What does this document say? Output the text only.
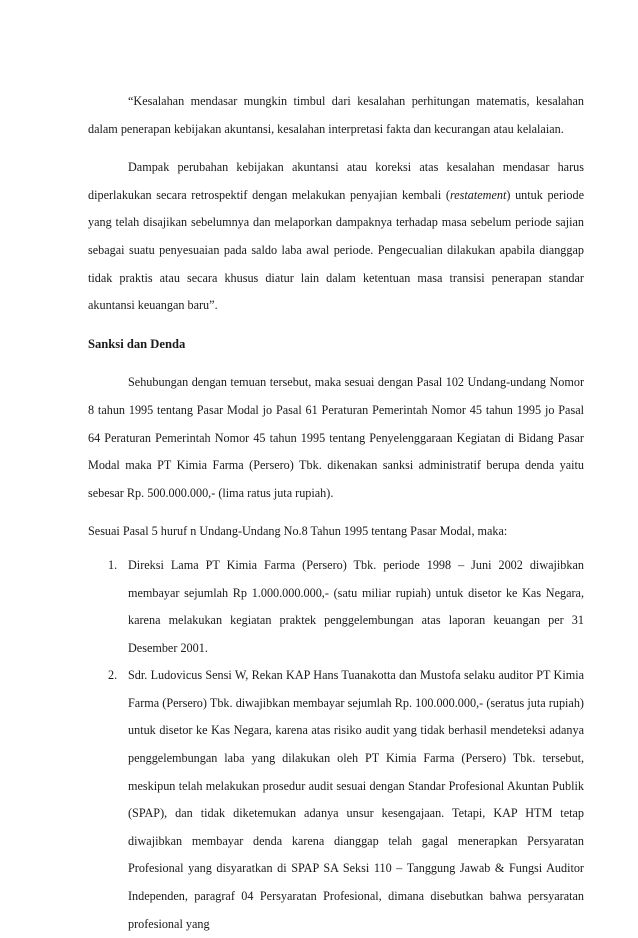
“Kesalahan mendasar mungkin timbul dari kesalahan perhitungan matematis, kesalahan dalam penerapan kebijakan akuntansi, kesalahan interpretasi fakta dan kecurangan atau kelalaian.

Dampak perubahan kebijakan akuntansi atau koreksi atas kesalahan mendasar harus diperlakukan secara retrospektif dengan melakukan penyajian kembali (restatement) untuk periode yang telah disajikan sebelumnya dan melaporkan dampaknya terhadap masa sebelum periode sajian sebagai suatu penyesuaian pada saldo laba awal periode. Pengecualian dilakukan apabila dianggap tidak praktis atau secara khusus diatur lain dalam ketentuan masa transisi penerapan standar akuntansi keuangan baru”.

Sanksi dan Denda

Sehubungan dengan temuan tersebut, maka sesuai dengan Pasal 102 Undang-undang Nomor 8 tahun 1995 tentang Pasar Modal jo Pasal 61 Peraturan Pemerintah Nomor 45 tahun 1995 jo Pasal 64 Peraturan Pemerintah Nomor 45 tahun 1995 tentang Penyelenggaraan Kegiatan di Bidang Pasar Modal maka PT Kimia Farma (Persero) Tbk. dikenakan sanksi administratif berupa denda yaitu sebesar Rp. 500.000.000,- (lima ratus juta rupiah).

Sesuai Pasal 5 huruf n Undang-Undang No.8 Tahun 1995 tentang Pasar Modal, maka:

1. Direksi Lama PT Kimia Farma (Persero) Tbk. periode 1998 – Juni 2002 diwajibkan membayar sejumlah Rp 1.000.000.000,- (satu miliar rupiah) untuk disetor ke Kas Negara, karena melakukan kegiatan praktek penggelembungan atas laporan keuangan per 31 Desember 2001.

2. Sdr. Ludovicus Sensi W, Rekan KAP Hans Tuanakotta dan Mustofa selaku auditor PT Kimia Farma (Persero) Tbk. diwajibkan membayar sejumlah Rp. 100.000.000,- (seratus juta rupiah) untuk disetor ke Kas Negara, karena atas risiko audit yang tidak berhasil mendeteksi adanya penggelembungan laba yang dilakukan oleh PT Kimia Farma (Persero) Tbk. tersebut, meskipun telah melakukan prosedur audit sesuai dengan Standar Profesional Akuntan Publik (SPAP), dan tidak diketemukan adanya unsur kesengajaan. Tetapi, KAP HTM tetap diwajibkan membayar denda karena dianggap telah gagal menerapkan Persyaratan Profesional yang disyaratkan di SPAP SA Seksi 110 – Tanggung Jawab & Fungsi Auditor Independen, paragraf 04 Persyaratan Profesional, dimana disebutkan bahwa persyaratan profesional yang
